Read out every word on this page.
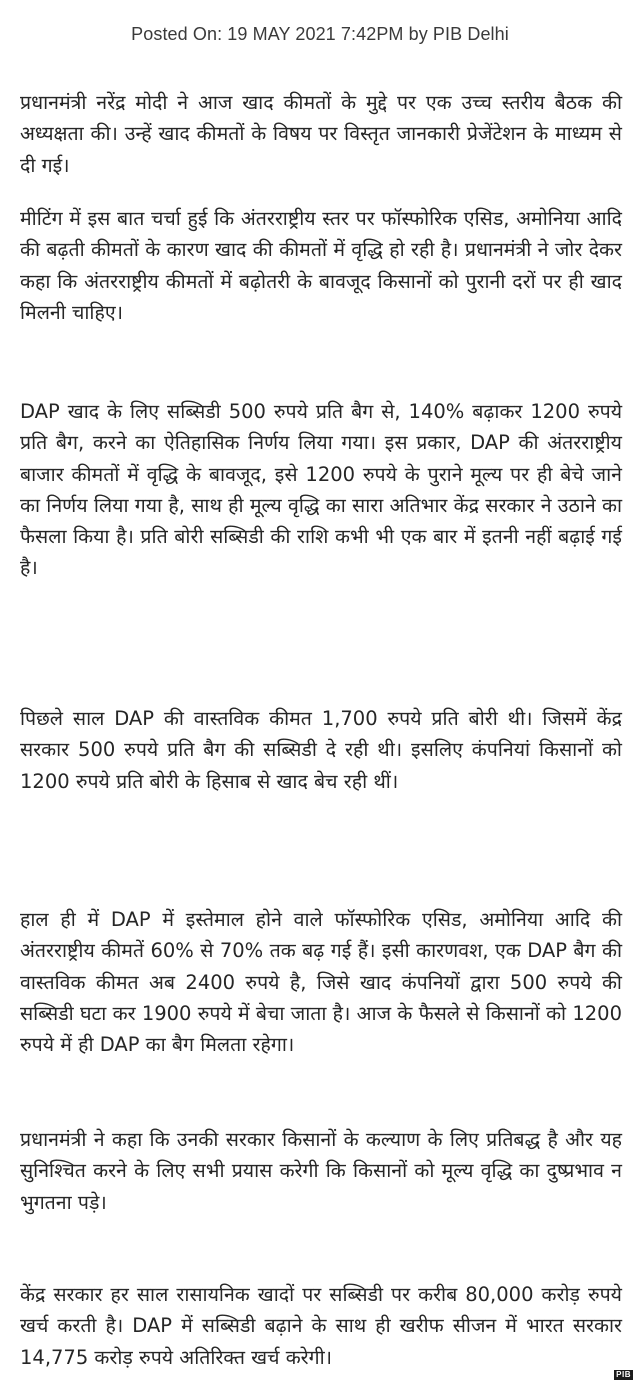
Posted On: 19 MAY 2021 7:42PM by PIB Delhi
प्रधानमंत्री नरेंद्र मोदी ने आज खाद कीमतों के मुद्दे पर एक उच्च स्तरीय बैठक की अध्यक्षता की। उन्हें खाद कीमतों के विषय पर विस्तृत जानकारी प्रेजेंटेशन के माध्यम से दी गई।
मीटिंग में इस बात चर्चा हुई कि अंतरराष्ट्रीय स्तर पर फॉस्फोरिक एसिड, अमोनिया आदि की बढ़ती कीमतों के कारण खाद की कीमतों में वृद्धि हो रही है। प्रधानमंत्री ने जोर देकर कहा कि अंतरराष्ट्रीय कीमतों में बढ़ोतरी के बावजूद किसानों को पुरानी दरों पर ही खाद मिलनी चाहिए।
DAP खाद के लिए सब्सिडी 500 रुपये प्रति बैग से, 140% बढ़ाकर 1200 रुपये प्रति बैग, करने का ऐतिहासिक निर्णय लिया गया। इस प्रकार, DAP की अंतरराष्ट्रीय बाजार कीमतों में वृद्धि के बावजूद, इसे 1200 रुपये के पुराने मूल्य पर ही बेचे जाने का निर्णय लिया गया है, साथ ही मूल्य वृद्धि का सारा अतिभार केंद्र सरकार ने उठाने का फैसला किया है। प्रति बोरी सब्सिडी की राशि कभी भी एक बार में इतनी नहीं बढ़ाई गई है।
पिछले साल DAP की वास्तविक कीमत 1,700 रुपये प्रति बोरी थी। जिसमें केंद्र सरकार 500 रुपये प्रति बैग की सब्सिडी दे रही थी। इसलिए कंपनियां किसानों को 1200 रुपये प्रति बोरी के हिसाब से खाद बेच रही थीं।
हाल ही में DAP में इस्तेमाल होने वाले फॉस्फोरिक एसिड, अमोनिया आदि की अंतरराष्ट्रीय कीमतें 60% से 70% तक बढ़ गई हैं। इसी कारणवश, एक DAP बैग की वास्तविक कीमत अब 2400 रुपये है, जिसे खाद कंपनियों द्वारा 500 रुपये की सब्सिडी घटा कर 1900 रुपये में बेचा जाता है। आज के फैसले से किसानों को 1200 रुपये में ही DAP का बैग मिलता रहेगा।
प्रधानमंत्री ने कहा कि उनकी सरकार किसानों के कल्याण के लिए प्रतिबद्ध है और यह सुनिश्चित करने के लिए सभी प्रयास करेगी कि किसानों को मूल्य वृद्धि का दुष्प्रभाव न भुगतना पड़े।
केंद्र सरकार हर साल रासायनिक खादों पर सब्सिडी पर करीब 80,000 करोड़ रुपये खर्च करती है। DAP में सब्सिडी बढ़ाने के साथ ही खरीफ सीजन में भारत सरकार 14,775 करोड़ रुपये अतिरिक्त खर्च करेगी।
PIB
